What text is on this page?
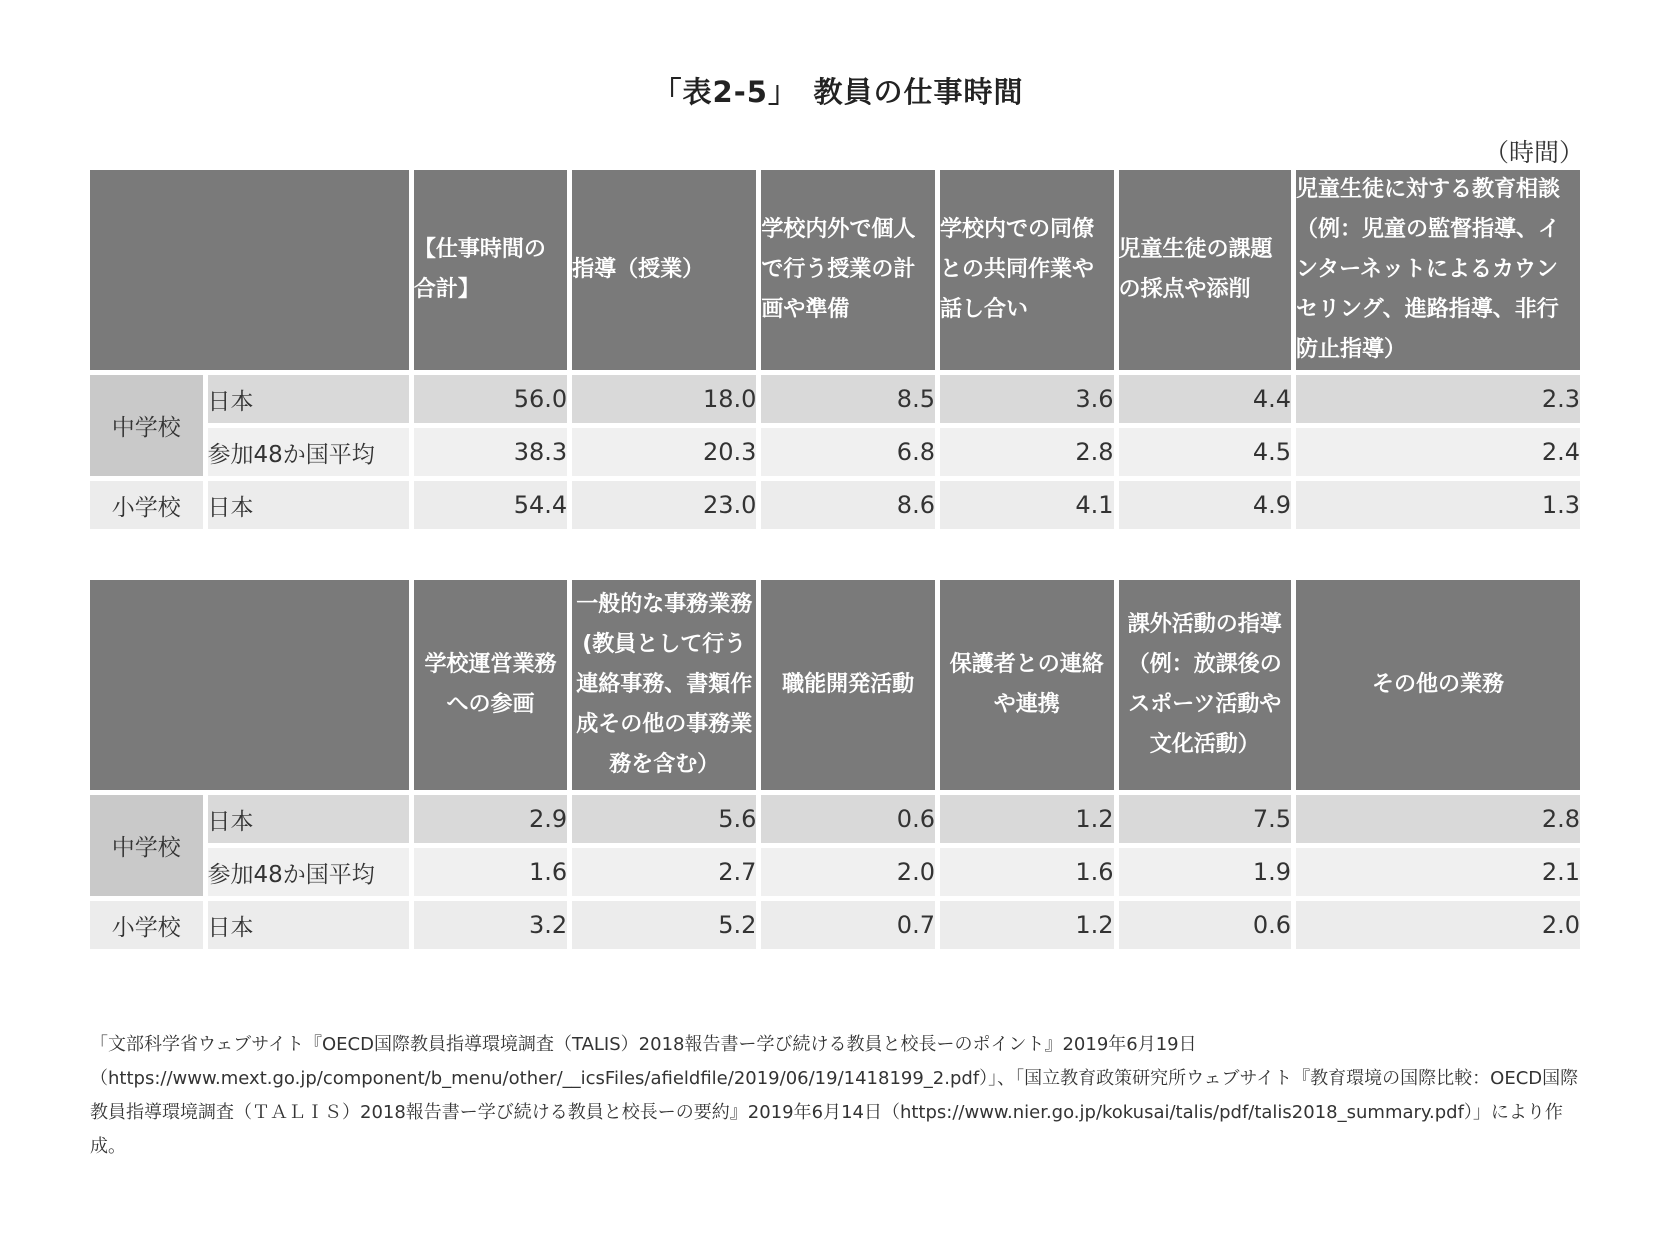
「表2-5」　教員の仕事時間
（時間）
		【仕事時間の合計】	指導（授業）	学校内外で個人で行う授業の計画や準備	学校内での同僚との共同作業や話し合い	児童生徒の課題の採点や添削	児童生徒に対する教育相談（例：児童の監督指導、インターネットによるカウンセリング、進路指導、非行防止指導）
中学校	日本	56.0	18.0	8.5	3.6	4.4	2.3
	参加48か国平均	38.3	20.3	6.8	2.8	4.5	2.4
小学校	日本	54.4	23.0	8.6	4.1	4.9	1.3
		学校運営業務への参画	一般的な事務業務(教員として行う連絡事務、書類作成その他の事務業務を含む）	職能開発活動	保護者との連絡や連携	課外活動の指導（例：放課後のスポーツ活動や文化活動）	その他の業務
中学校	日本	2.9	5.6	0.6	1.2	7.5	2.8
	参加48か国平均	1.6	2.7	2.0	1.6	1.9	2.1
小学校	日本	3.2	5.2	0.7	1.2	0.6	2.0

「文部科学省ウェブサイト『OECD国際教員指導環境調査（TALIS）2018報告書ー学び続ける教員と校長ーのポイント』2019年6月19日（https://www.mext.go.jp/component/b_menu/other/__icsFiles/afieldfile/2019/06/19/1418199_2.pdf）」、「国立教育政策研究所ウェブサイト『教育環境の国際比較：OECD国際教員指導環境調査（ＴＡＬＩＳ）2018報告書ー学び続ける教員と校長ーの要約』2019年6月14日（https://www.nier.go.jp/kokusai/talis/pdf/talis2018_summary.pdf）」により作成。
